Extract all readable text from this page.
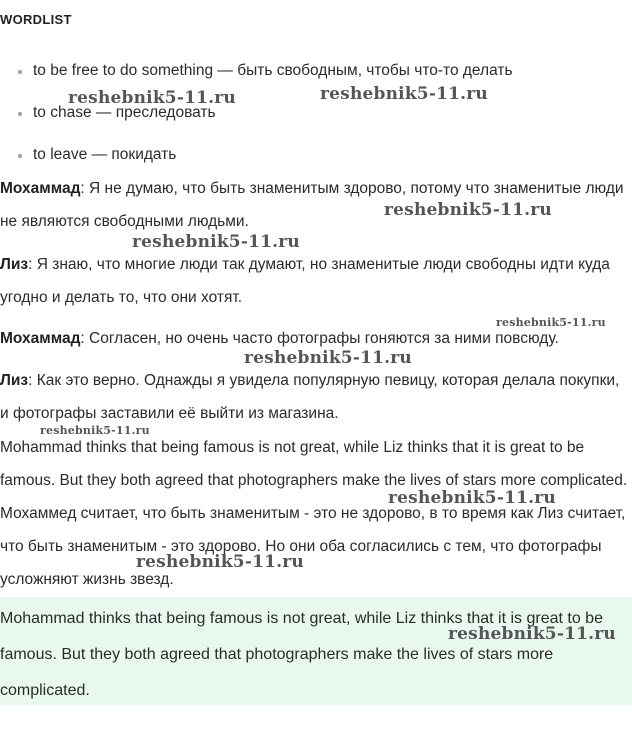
WORDLIST
to be free to do something — быть свободным, чтобы что-то делать
to chase — преследовать
to leave — покидать

Мохаммад: Я не думаю, что быть знаменитым здорово, потому что знаменитые люди не являются свободными людьми.

Лиз: Я знаю, что многие люди так думают, но знаменитые люди свободны идти куда угодно и делать то, что они хотят.

Мохаммад: Согласен, но очень часто фотографы гоняются за ними повсюду.

Лиз: Как это верно. Однажды я увидела популярную певицу, которая делала покупки, и фотографы заставили её выйти из магазина.

Mohammad thinks that being famous is not great, while Liz thinks that it is great to be famous. But they both agreed that photographers make the lives of stars more complicated. Мохаммед считает, что быть знаменитым - это не здорово, в то время как Лиз считает, что быть знаменитым - это здорово. Но они оба согласились с тем, что фотографы усложняют жизнь звезд.

Mohammad thinks that being famous is not great, while Liz thinks that it is great to be famous. But they both agreed that photographers make the lives of stars more complicated.

reshebnik5-11.ru	reshebnik5-11.ru
reshebnik5-11.ru
reshebnik5-11.ru
reshebnik5-11.ru
reshebnik5-11.ru
reshebnik5-11.ru
reshebnik5-11.ru
reshebnik5-11.ru
reshebnik5-11.ru
